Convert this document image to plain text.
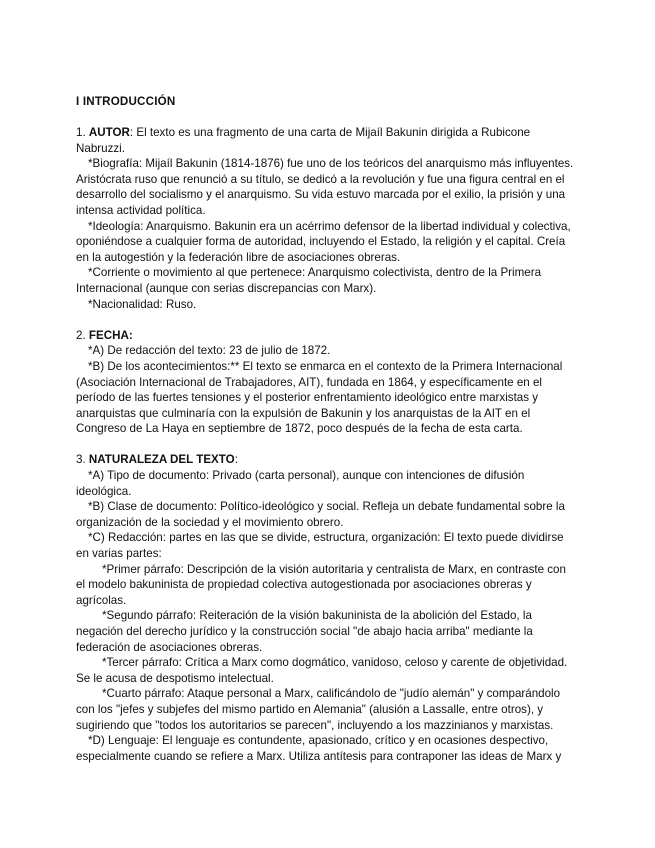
I INTRODUCCIÓN

1. AUTOR: El texto es una fragmento de una carta de Mijaíl Bakunin dirigida a Rubicone Nabruzzi.

*Biografía: Mijaíl Bakunin (1814-1876) fue uno de los teóricos del anarquismo más influyentes. Aristócrata ruso que renunció a su título, se dedicó a la revolución y fue una figura central en el desarrollo del socialismo y el anarquismo. Su vida estuvo marcada por el exilio, la prisión y una intensa actividad política.

*Ideología: Anarquismo. Bakunin era un acérrimo defensor de la libertad individual y colectiva, oponiéndose a cualquier forma de autoridad, incluyendo el Estado, la religión y el capital. Creía en la autogestión y la federación libre de asociaciones obreras.

*Corriente o movimiento al que pertenece: Anarquismo colectivista, dentro de la Primera Internacional (aunque con serias discrepancias con Marx).

*Nacionalidad: Ruso.

2. FECHA:

*A) De redacción del texto: 23 de julio de 1872.

*B) De los acontecimientos:** El texto se enmarca en el contexto de la Primera Internacional (Asociación Internacional de Trabajadores, AIT), fundada en 1864, y específicamente en el período de las fuertes tensiones y el posterior enfrentamiento ideológico entre marxistas y anarquistas que culminaría con la expulsión de Bakunin y los anarquistas de la AIT en el Congreso de La Haya en septiembre de 1872, poco después de la fecha de esta carta.

3. NATURALEZA DEL TEXTO:

*A) Tipo de documento: Privado (carta personal), aunque con intenciones de difusión ideológica.

*B) Clase de documento: Político-ideológico y social. Refleja un debate fundamental sobre la organización de la sociedad y el movimiento obrero.

*C) Redacción: partes en las que se divide, estructura, organización: El texto puede dividirse en varias partes:

*Primer párrafo: Descripción de la visión autoritaria y centralista de Marx, en contraste con el modelo bakuninista de propiedad colectiva autogestionada por asociaciones obreras y agrícolas.

*Segundo párrafo: Reiteración de la visión bakuninista de la abolición del Estado, la negación del derecho jurídico y la construcción social "de abajo hacia arriba" mediante la federación de asociaciones obreras.

*Tercer párrafo: Crítica a Marx como dogmático, vanidoso, celoso y carente de objetividad. Se le acusa de despotismo intelectual.

*Cuarto párrafo: Ataque personal a Marx, calificándolo de "judío alemán" y comparándolo con los "jefes y subjefes del mismo partido en Alemania" (alusión a Lassalle, entre otros), y sugiriendo que "todos los autoritarios se parecen", incluyendo a los mazzinianos y marxistas.

*D) Lenguaje: El lenguaje es contundente, apasionado, crítico y en ocasiones despectivo, especialmente cuando se refiere a Marx. Utiliza antítesis para contraponer las ideas de Marx y
